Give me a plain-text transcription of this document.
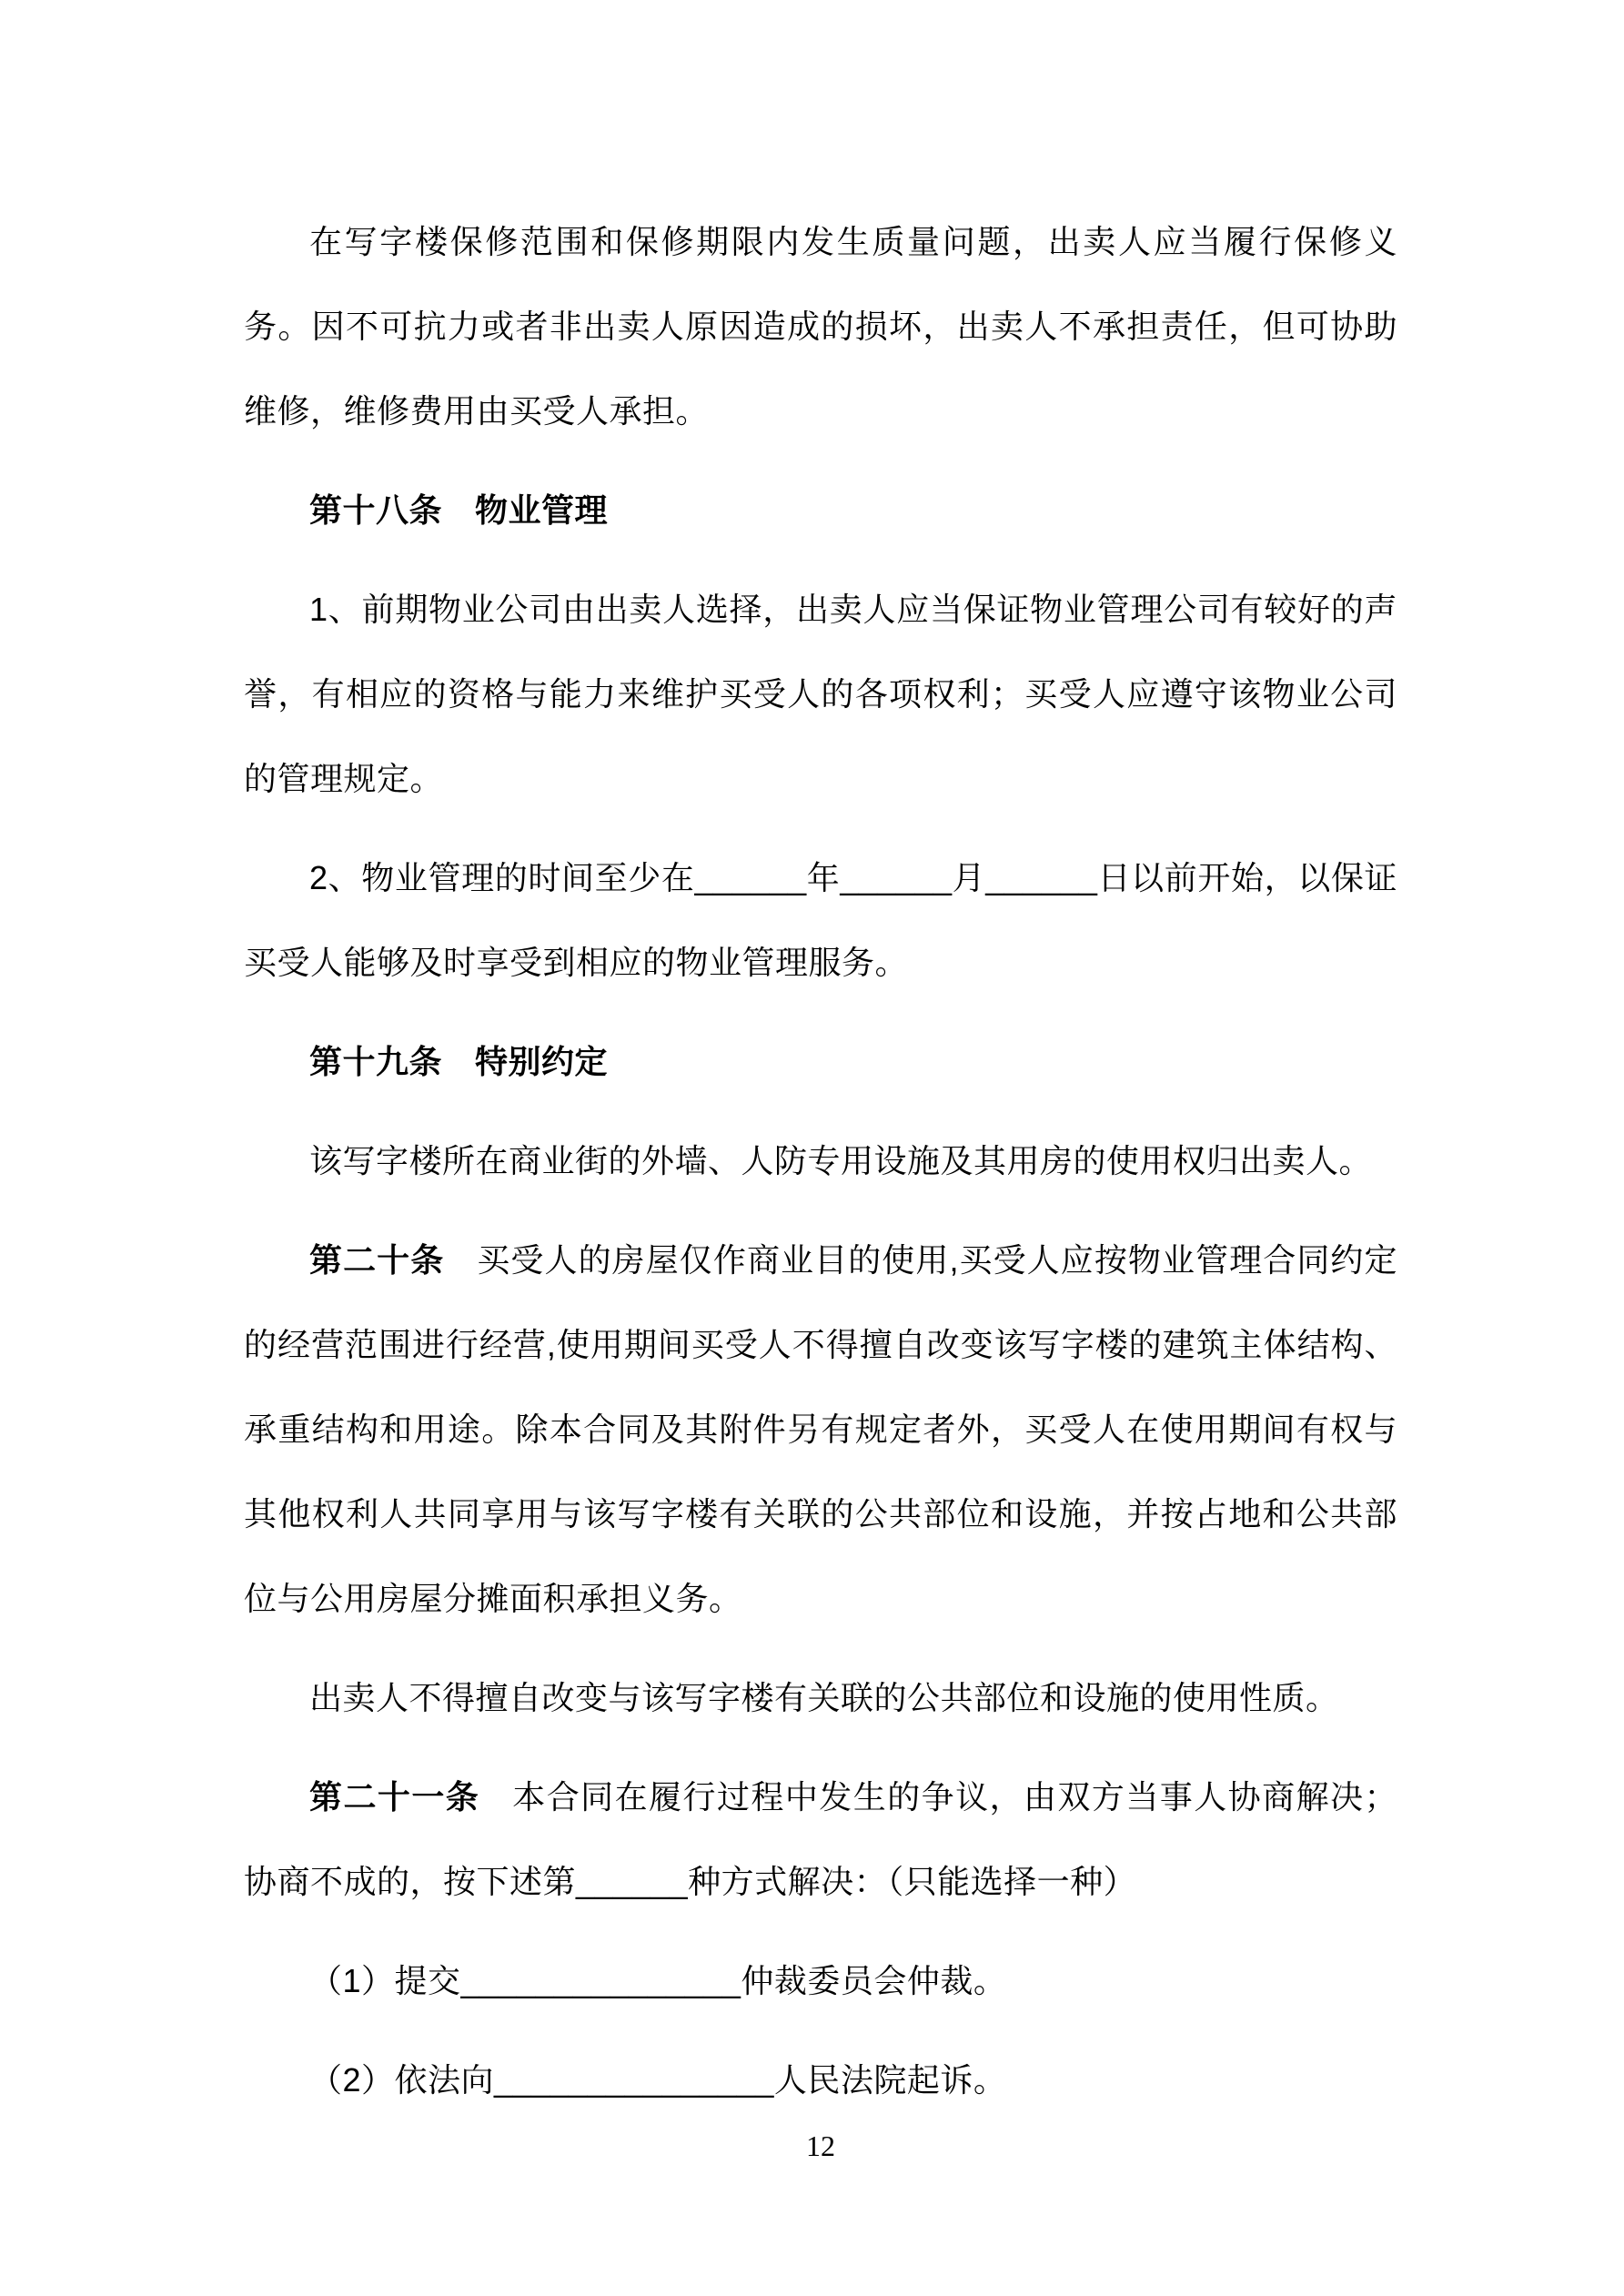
在写字楼保修范围和保修期限内发生质量问题，出卖人应当履行保修义务。因不可抗力或者非出卖人原因造成的损坏，出卖人不承担责任，但可协助维修，维修费用由买受人承担。

第十八条 物业管理

1、前期物业公司由出卖人选择，出卖人应当保证物业管理公司有较好的声誉，有相应的资格与能力来维护买受人的各项权利；买受人应遵守该物业公司的管理规定。

2、物业管理的时间至少在______年______月______日以前开始，以保证买受人能够及时享受到相应的物业管理服务。

第十九条 特别约定

该写字楼所在商业街的外墙、人防专用设施及其用房的使用权归出卖人。

第二十条 买受人的房屋仅作商业目的使用,买受人应按物业管理合同约定的经营范围进行经营,使用期间买受人不得擅自改变该写字楼的建筑主体结构、承重结构和用途。除本合同及其附件另有规定者外，买受人在使用期间有权与其他权利人共同享用与该写字楼有关联的公共部位和设施，并按占地和公共部位与公用房屋分摊面积承担义务。

出卖人不得擅自改变与该写字楼有关联的公共部位和设施的使用性质。

第二十一条 本合同在履行过程中发生的争议，由双方当事人协商解决；协商不成的，按下述第______种方式解决：（只能选择一种）

（1）提交_______________仲裁委员会仲裁。

（2）依法向_______________人民法院起诉。

12
